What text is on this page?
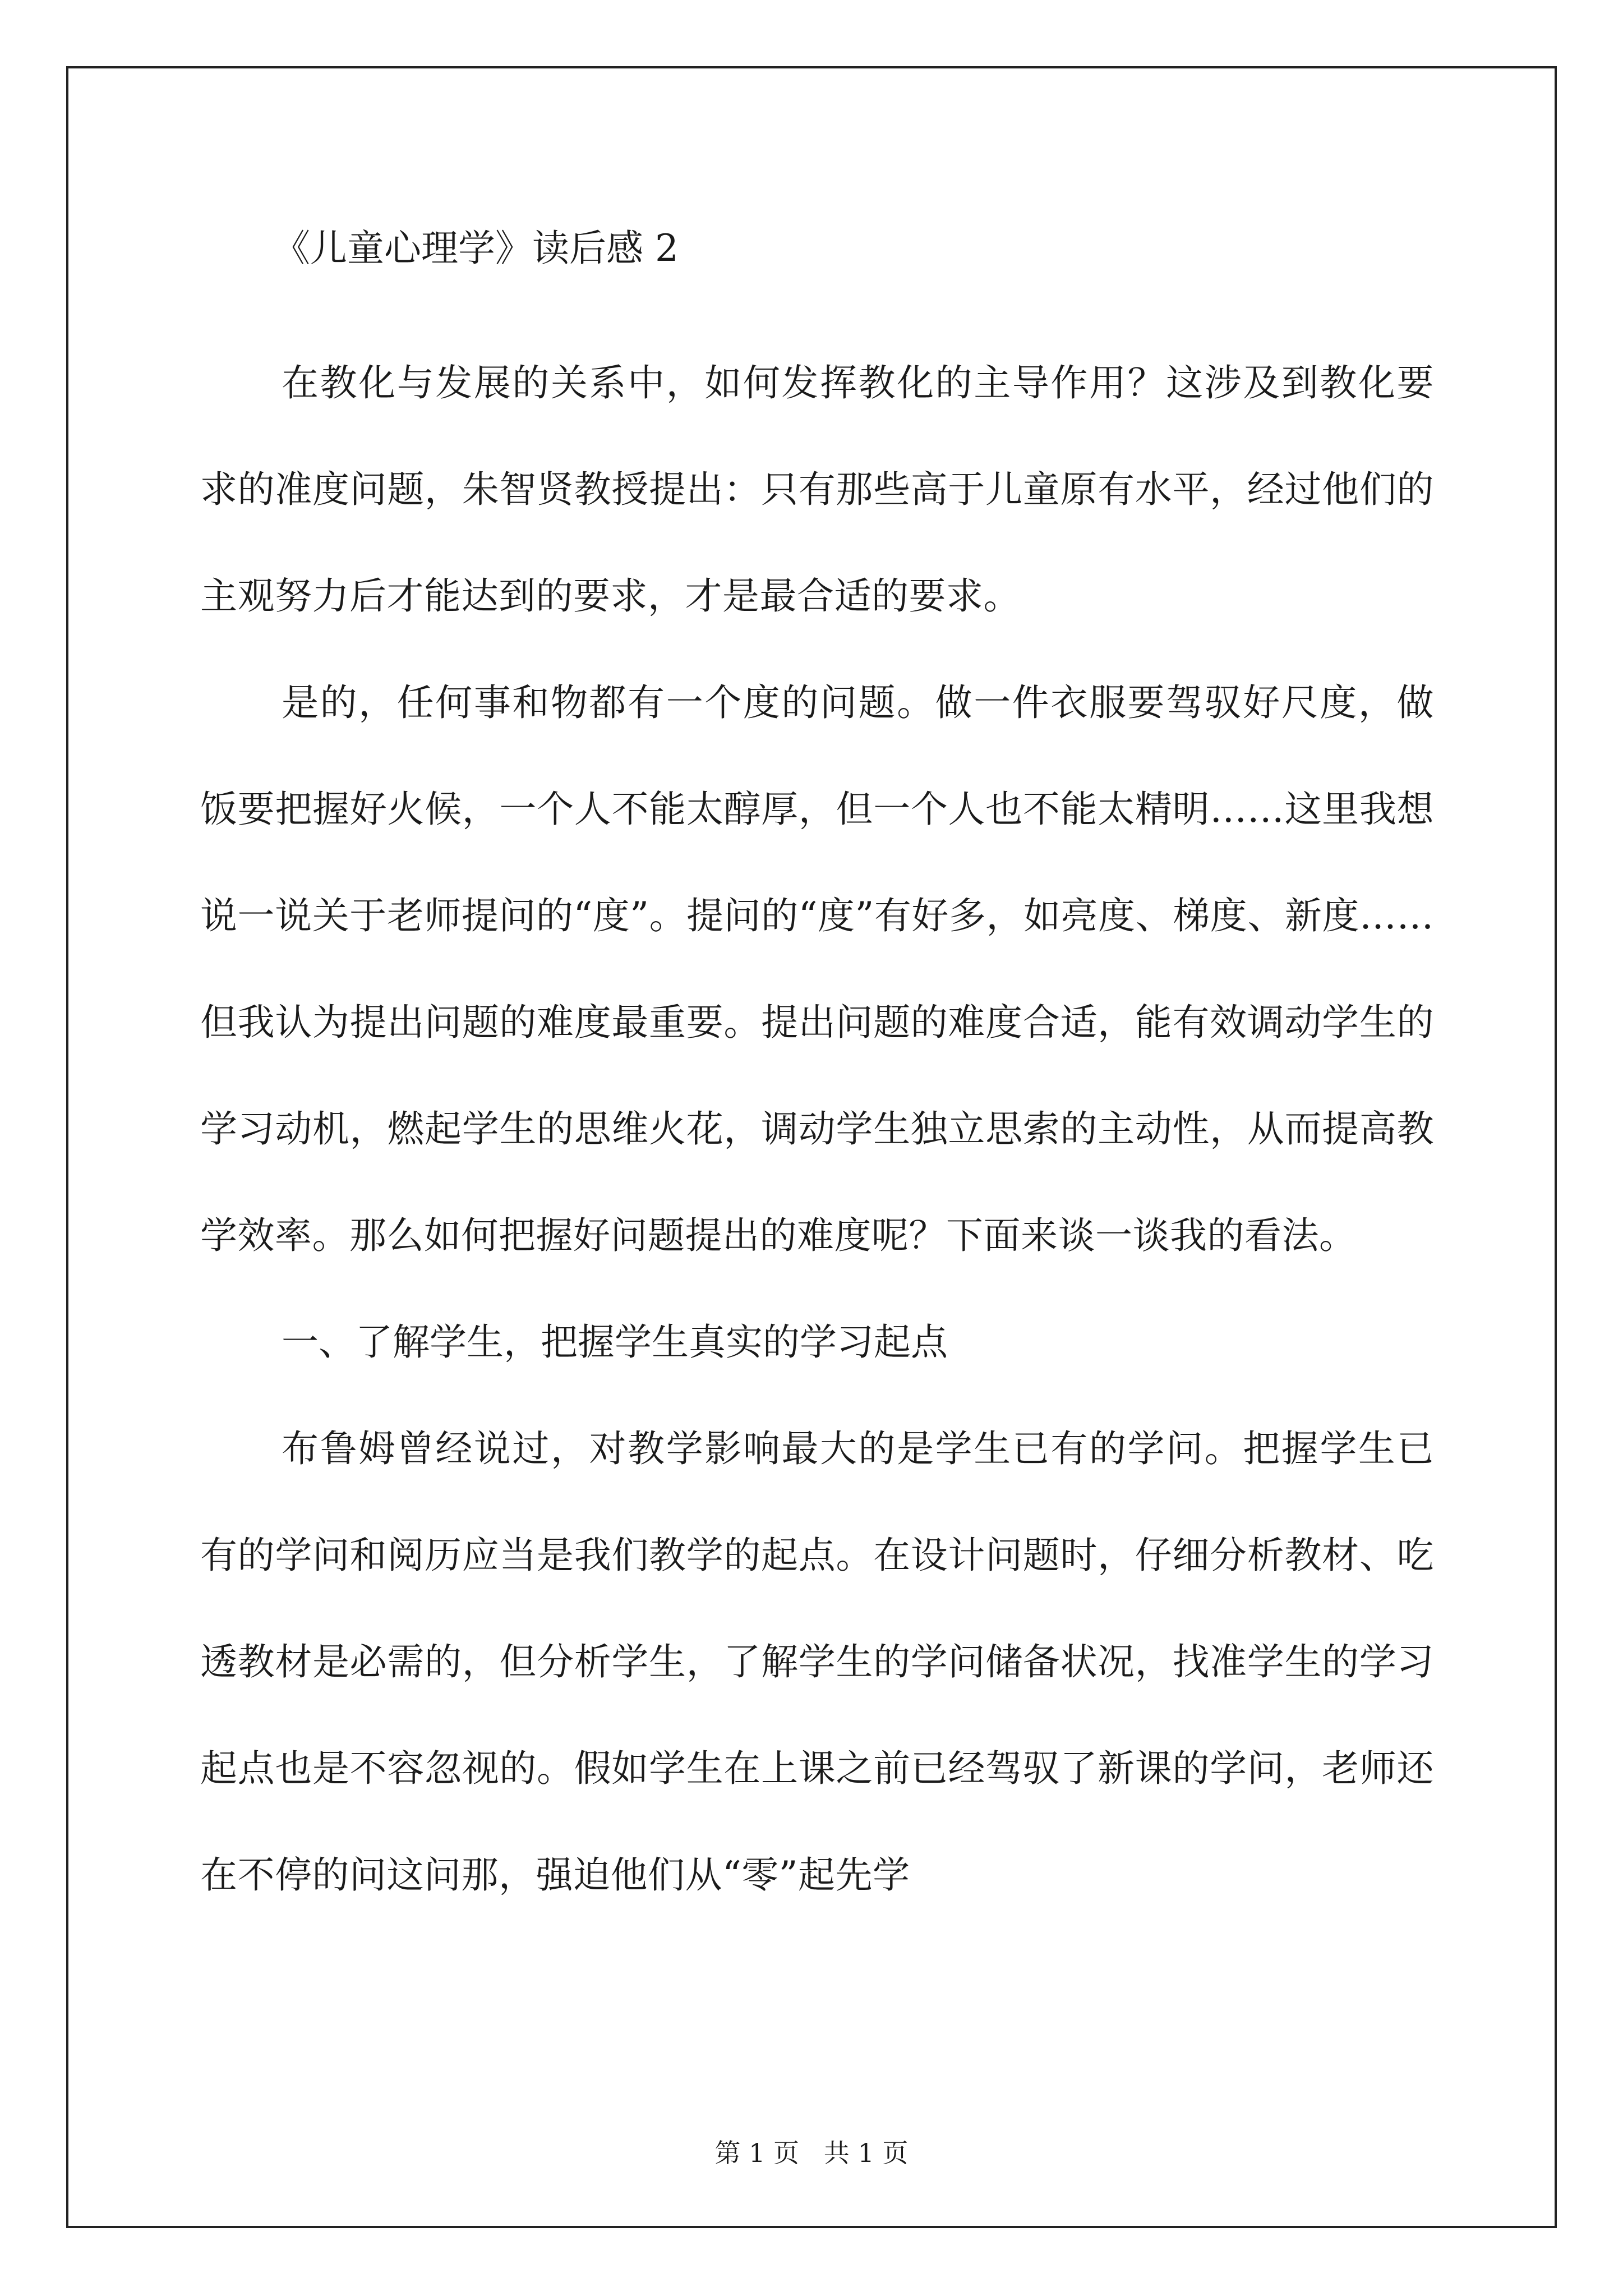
《儿童心理学》读后感 2

在教化与发展的关系中，如何发挥教化的主导作用？这涉及到教化要求的准度问题，朱智贤教授提出：只有那些高于儿童原有水平，经过他们的主观努力后才能达到的要求，才是最合适的要求。

是的，任何事和物都有一个度的问题。做一件衣服要驾驭好尺度，做饭要把握好火候，一个人不能太醇厚，但一个人也不能太精明……这里我想说一说关于老师提问的“度”。提问的“度”有好多，如亮度、梯度、新度……但我认为提出问题的难度最重要。提出问题的难度合适，能有效调动学生的学习动机，燃起学生的思维火花，调动学生独立思索的主动性，从而提高教学效率。那么如何把握好问题提出的难度呢？下面来谈一谈我的看法。

一、了解学生，把握学生真实的学习起点

布鲁姆曾经说过，对教学影响最大的是学生已有的学问。把握学生已有的学问和阅历应当是我们教学的起点。在设计问题时，仔细分析教材、吃透教材是必需的，但分析学生，了解学生的学问储备状况，找准学生的学习起点也是不容忽视的。假如学生在上课之前已经驾驭了新课的学问，老师还在不停的问这问那，强迫他们从“零”起先学

第 1 页   共 1 页
